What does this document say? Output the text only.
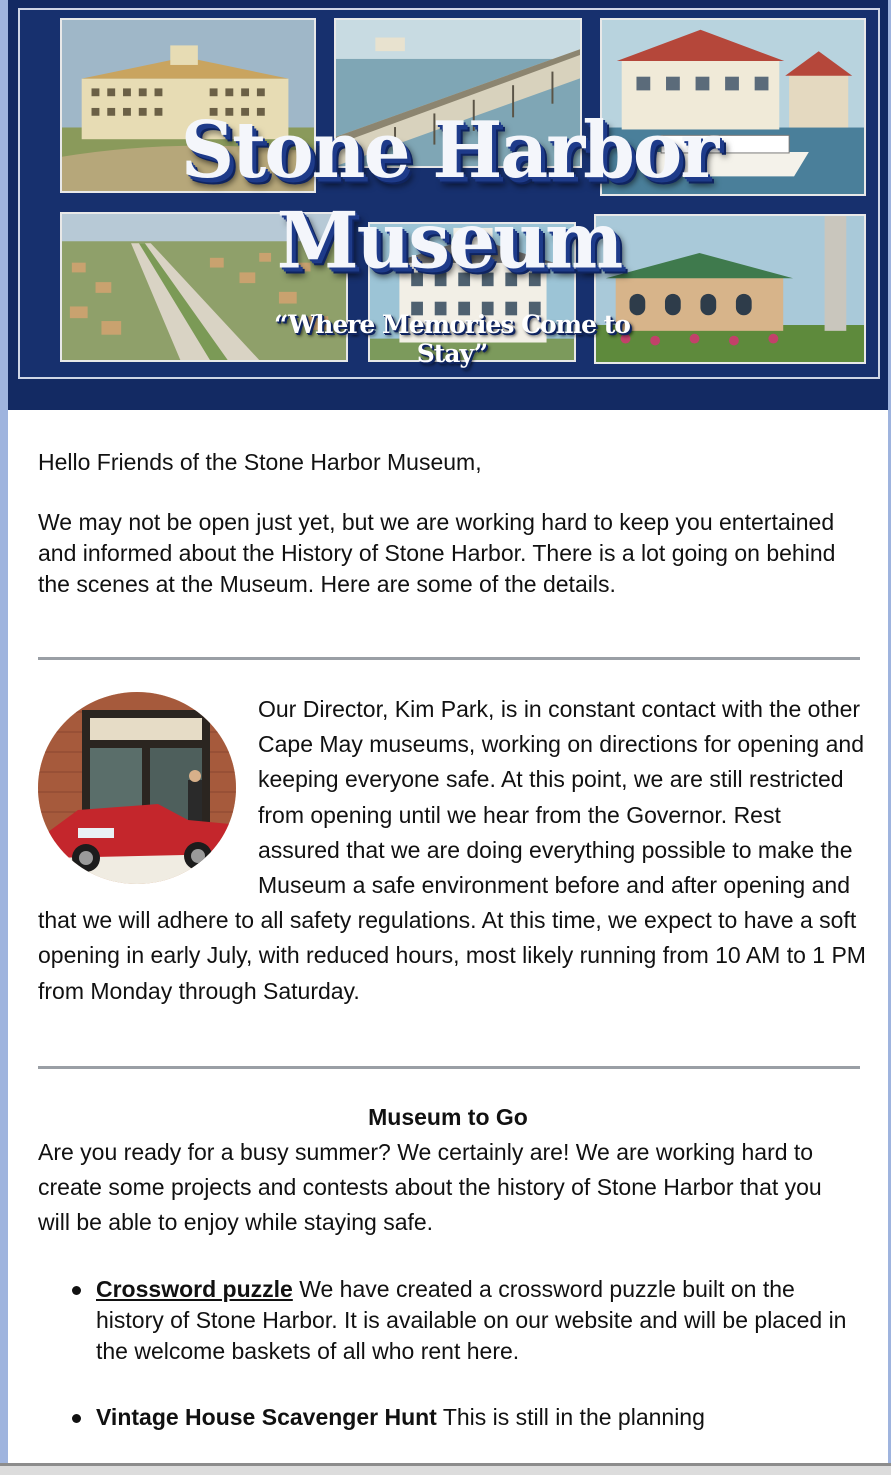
Stone Harbor Museum
“Where Memories Come to Stay”

Hello Friends of the Stone Harbor Museum,

We may not be open just yet, but we are working hard to keep you entertained and informed about the History of Stone Harbor. There is a lot going on behind the scenes at the Museum. Here are some of the details.

Our Director, Kim Park, is in constant contact with the other Cape May museums, working on directions for opening and keeping everyone safe. At this point, we are still restricted from opening until we hear from the Governor. Rest assured that we are doing everything possible to make the Museum a safe environment before and after opening and that we will adhere to all safety regulations. At this time, we expect to have a soft opening in early July, with reduced hours, most likely running from 10 AM to 1 PM from Monday through Saturday.

Museum to Go

Are you ready for a busy summer? We certainly are! We are working hard to create some projects and contests about the history of Stone Harbor that you will be able to enjoy while staying safe.

Crossword puzzle We have created a crossword puzzle built on the history of Stone Harbor. It is available on our website and will be placed in the welcome baskets of all who rent here.
Vintage House Scavenger Hunt This is still in the planning
